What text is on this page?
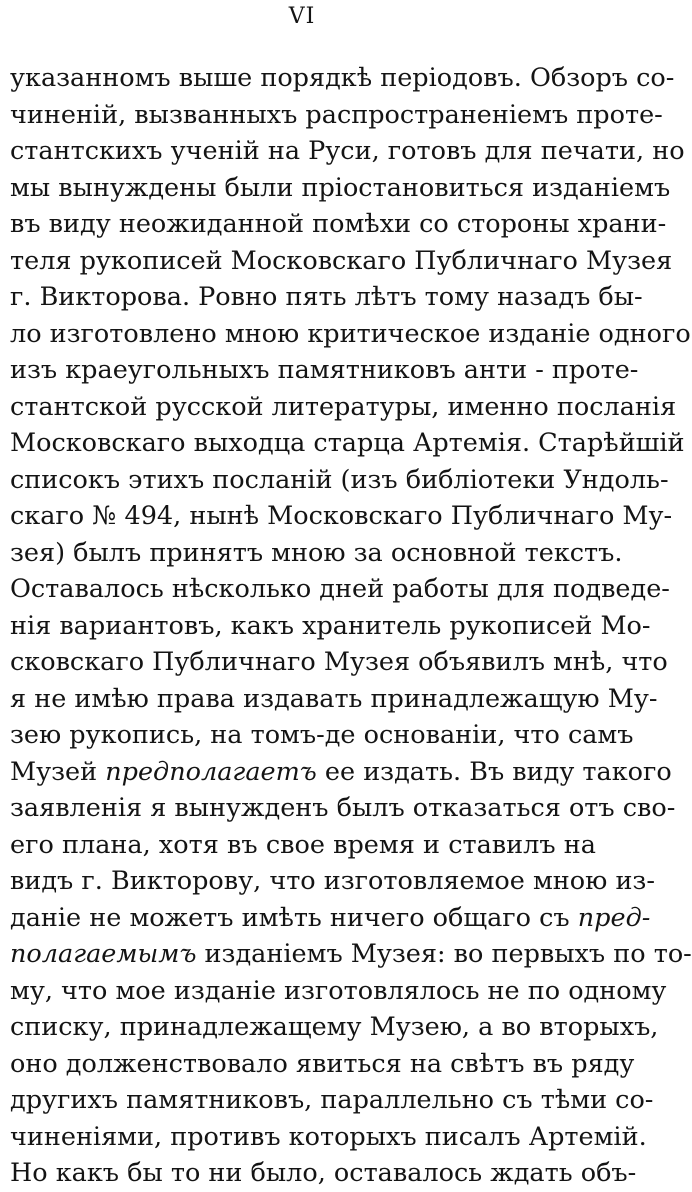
VI
указанномъ выше порядкѣ періодовъ. Обзоръ со-
чиненій, вызванныхъ распространеніемъ проте-
стантскихъ ученій на Руси, готовъ для печати, но
мы вынуждены были пріостановиться изданіемъ
въ виду неожиданной помѣхи со стороны храни-
теля рукописей Московскаго Публичнаго Музея
г. Викторова. Ровно пять лѣтъ тому назадъ бы-
ло изготовлено мною критическое изданіе одного
изъ краеугольныхъ памятниковъ анти - проте-
стантской русской литературы, именно посланія
Московскаго выходца старца Артемія. Старѣйшій
списокъ этихъ посланій (изъ библіотеки Ундоль-
скаго № 494, нынѣ Московскаго Публичнаго Му-
зея) былъ принятъ мною за основной текстъ.
Оставалось нѣсколько дней работы для подведе-
нія вариантовъ, какъ хранитель рукописей Мо-
сковскаго Публичнаго Музея объявилъ мнѣ, что
я не имѣю права издавать принадлежащую Му-
зею рукопись, на томъ-де основаніи, что самъ
Музей предполагаетъ ее издать. Въ виду такого
заявленія я вынужденъ былъ отказаться отъ сво-
его плана, хотя въ свое время и ставилъ на
видъ г. Викторову, что изготовляемое мною из-
даніе не можетъ имѣть ничего общаго съ пред-
полагаемымъ изданіемъ Музея: во первыхъ по то-
му, что мое изданіе изготовлялось не по одному
списку, принадлежащему Музею, а во вторыхъ,
оно долженствовало явиться на свѣтъ въ ряду
другихъ памятниковъ, параллельно съ тѣми со-
чиненіями, противъ которыхъ писалъ Артемій.
Но какъ бы то ни было, оставалось ждать объ-
